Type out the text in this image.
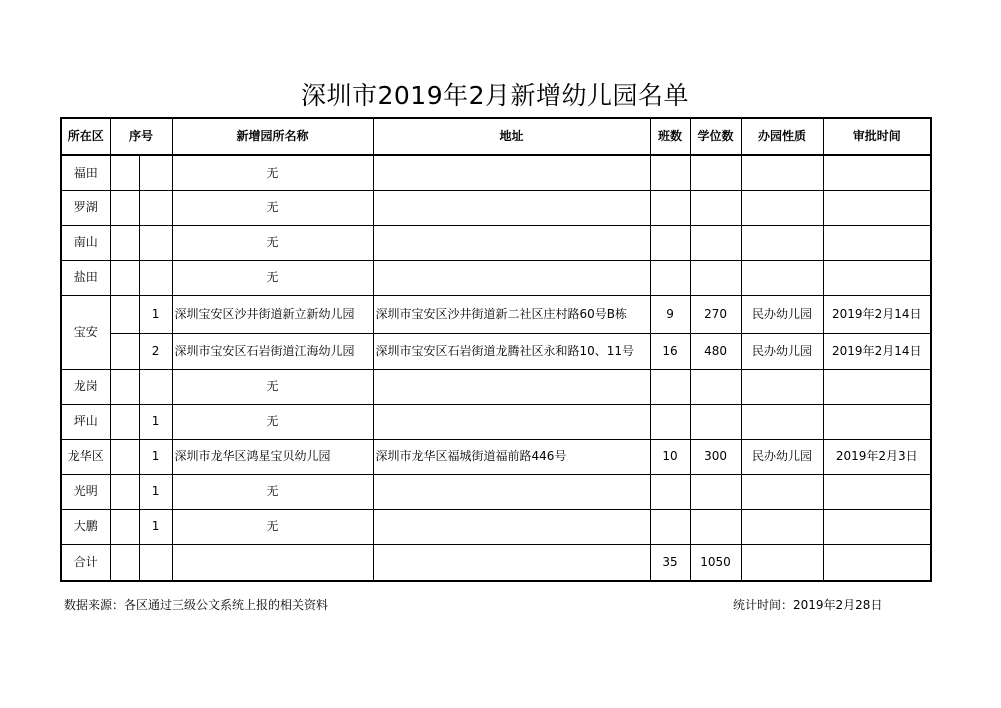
深圳市2019年2月新增幼儿园名单
所在区	序号		新增园所名称	地址	班数	学位数	办园性质	审批时间
福田			无					
罗湖			无					
南山			无					
盐田			无					
宝安		1	深圳宝安区沙井街道新立新幼儿园	深圳市宝安区沙井街道新二社区庄村路60号B栋	9	270	民办幼儿园	2019年2月14日
		2	深圳市宝安区石岩街道江海幼儿园	深圳市宝安区石岩街道龙腾社区永和路10、11号	16	480	民办幼儿园	2019年2月14日
龙岗			无					
坪山		1	无					
龙华区		1	深圳市龙华区鸿星宝贝幼儿园	深圳市龙华区福城街道福前路446号	10	300	民办幼儿园	2019年2月3日
光明		1	无					
大鹏		1	无					
合计					35	1050		
数据来源：各区通过三级公文系统上报的相关资料	统计时间：2019年2月28日
